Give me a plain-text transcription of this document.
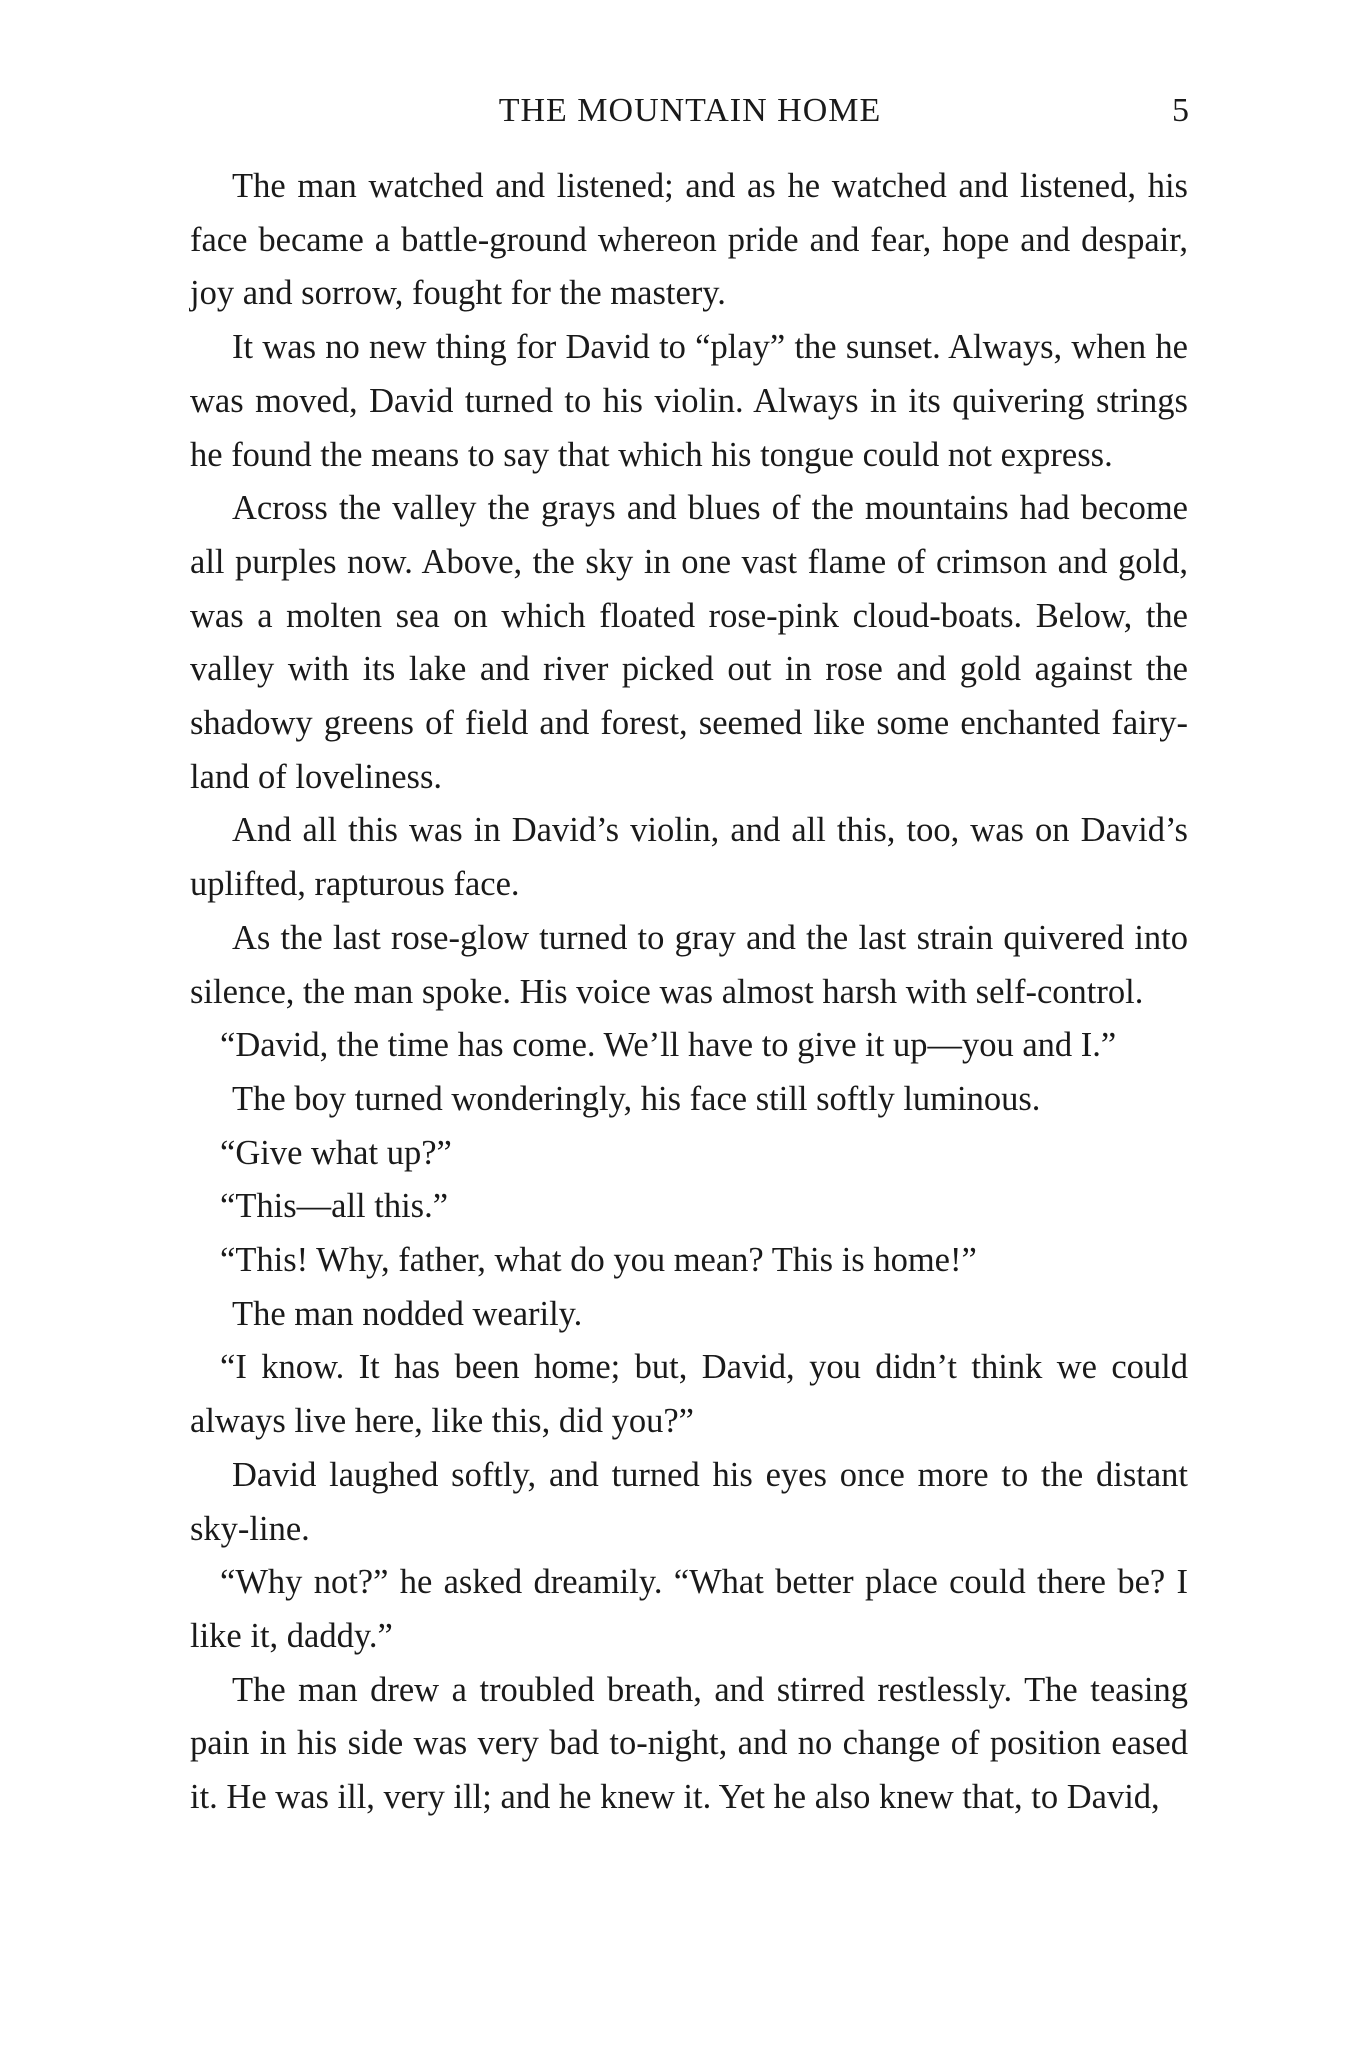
THE MOUNTAIN HOME	5

The man watched and listened; and as he watched and listened, his face became a battle-ground whereon pride and fear, hope and despair, joy and sorrow, fought for the mastery.

It was no new thing for David to “play” the sunset. Always, when he was moved, David turned to his violin. Always in its quivering strings he found the means to say that which his tongue could not express.

Across the valley the grays and blues of the mountains had become all purples now. Above, the sky in one vast flame of crimson and gold, was a molten sea on which floated rose-pink cloud-boats. Below, the valley with its lake and river picked out in rose and gold against the shadowy greens of field and forest, seemed like some enchanted fairyland of loveliness.

And all this was in David’s violin, and all this, too, was on David’s uplifted, rapturous face.

As the last rose-glow turned to gray and the last strain quivered into silence, the man spoke. His voice was almost harsh with self-control.

“David, the time has come. We’ll have to give it up—you and I.”

The boy turned wonderingly, his face still softly luminous.

“Give what up?”

“This—all this.”

“This! Why, father, what do you mean? This is home!”

The man nodded wearily.

“I know. It has been home; but, David, you didn’t think we could always live here, like this, did you?”

David laughed softly, and turned his eyes once more to the distant sky-line.

“Why not?” he asked dreamily. “What better place could there be? I like it, daddy.”

The man drew a troubled breath, and stirred restlessly. The teasing pain in his side was very bad to-night, and no change of position eased it. He was ill, very ill; and he knew it. Yet he also knew that, to David,
